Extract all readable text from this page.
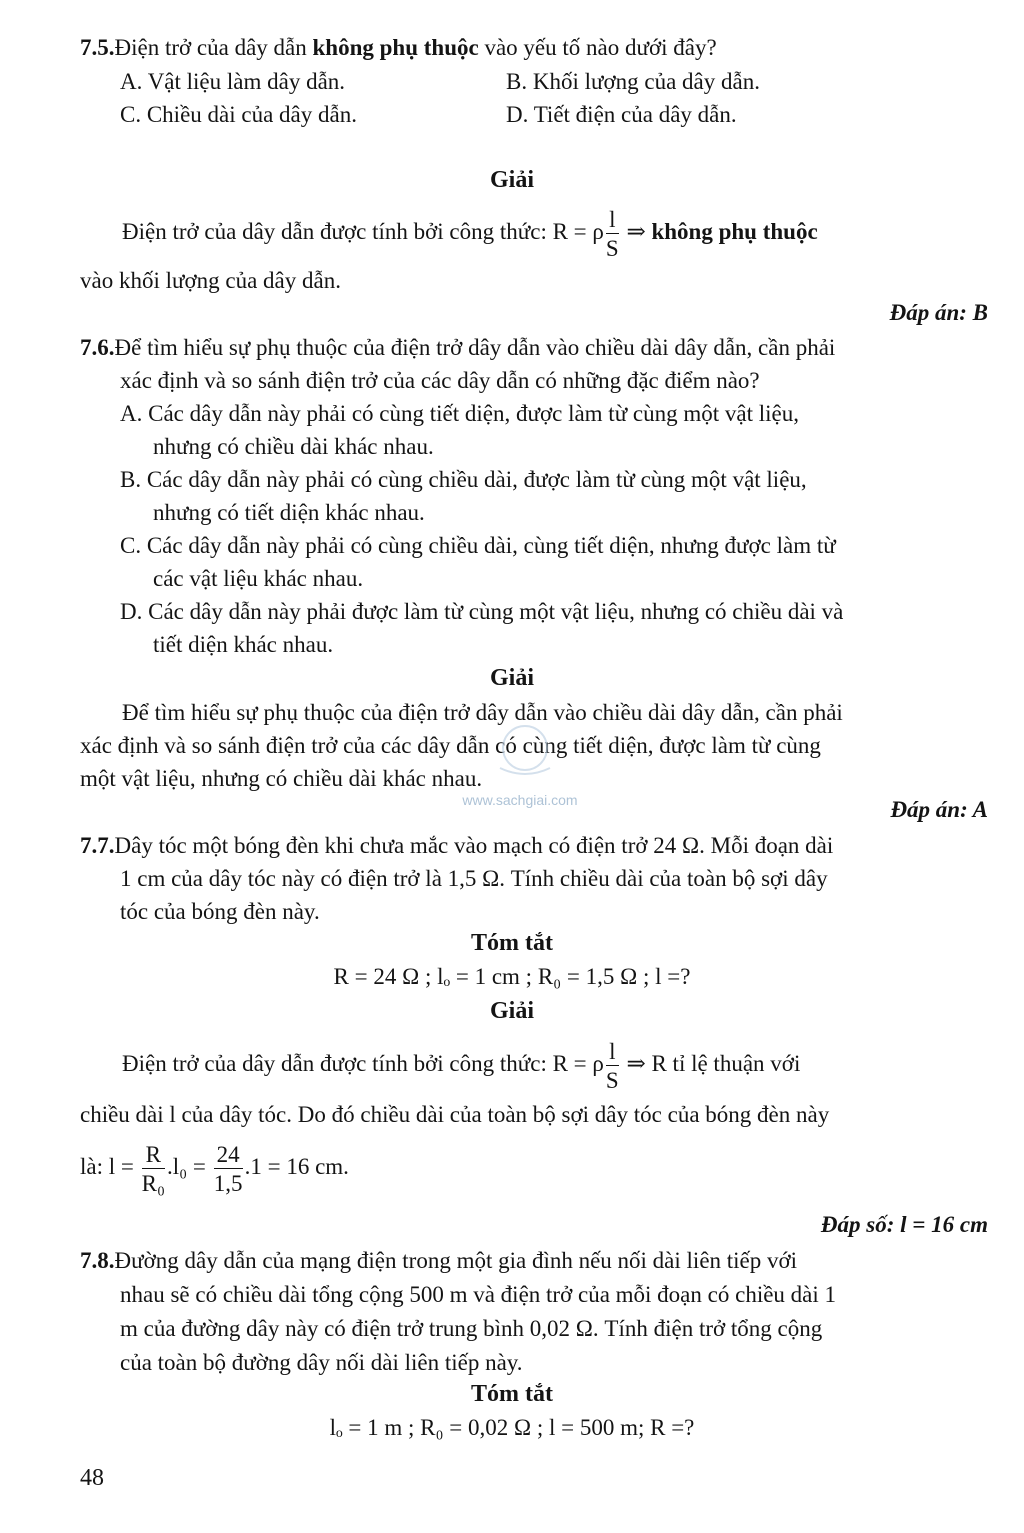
7.5.Điện trở của dây dẫn không phụ thuộc vào yếu tố nào dưới đây?
A. Vật liệu làm dây dẫn.	B. Khối lượng của dây dẫn.
C. Chiều dài của dây dẫn.	D. Tiết điện của dây dẫn.
Giải
Điện trở của dây dẫn được tính bởi công thức: R = ρ $\frac{l}{S}$ ⇒ không phụ thuộc
vào khối lượng của dây dẫn.
Đáp án: B
7.6.Để tìm hiểu sự phụ thuộc của điện trở dây dẫn vào chiều dài dây dẫn, cần phải
xác định và so sánh điện trở của các dây dẫn có những đặc điểm nào?
A. Các dây dẫn này phải có cùng tiết diện, được làm từ cùng một vật liệu,
nhưng có chiều dài khác nhau.
B. Các dây dẫn này phải có cùng chiều dài, được làm từ cùng một vật liệu,
nhưng có tiết diện khác nhau.
C. Các dây dẫn này phải có cùng chiều dài, cùng tiết diện, nhưng được làm từ
các vật liệu khác nhau.
D. Các dây dẫn này phải được làm từ cùng một vật liệu, nhưng có chiều dài và
tiết diện khác nhau.
Giải
Để tìm hiểu sự phụ thuộc của điện trở dây dẫn vào chiều dài dây dẫn, cần phải
xác định và so sánh điện trở của các dây dẫn có cùng tiết diện, được làm từ cùng
một vật liệu, nhưng có chiều dài khác nhau.
Đáp án: A
www.sachgiai.com
7.7.Dây tóc một bóng đèn khi chưa mắc vào mạch có điện trở 24 Ω. Mỗi đoạn dài
1 cm của dây tóc này có điện trở là 1,5 Ω. Tính chiều dài của toàn bộ sợi dây
tóc của bóng đèn này.
Tóm tắt
R = 24 Ω ; lₒ = 1 cm ; R₀ = 1,5 Ω ; l =?
Giải
Điện trở của dây dẫn được tính bởi công thức: R = ρ $\frac{l}{S}$ ⇒ R tỉ lệ thuận với
chiều dài l của dây tóc. Do đó chiều dài của toàn bộ sợi dây tóc của bóng đèn này
là: $l = \frac{R}{\text{R₀}} .l_0 = \frac{24}{1,5} .1 = 16$ cm.
Đáp số: l = 16 cm
7.8.Đường dây dẫn của mạng điện trong một gia đình nếu nối dài liên tiếp với
nhau sẽ có chiều dài tổng cộng 500 m và điện trở của mỗi đoạn có chiều dài 1
m của đường dây này có điện trở trung bình 0,02 Ω. Tính điện trở tổng cộng
của toàn bộ đường dây nối dài liên tiếp này.
Tóm tắt
lₒ = 1 m ; R₀ = 0,02 Ω ; l = 500 m; R =?
48
